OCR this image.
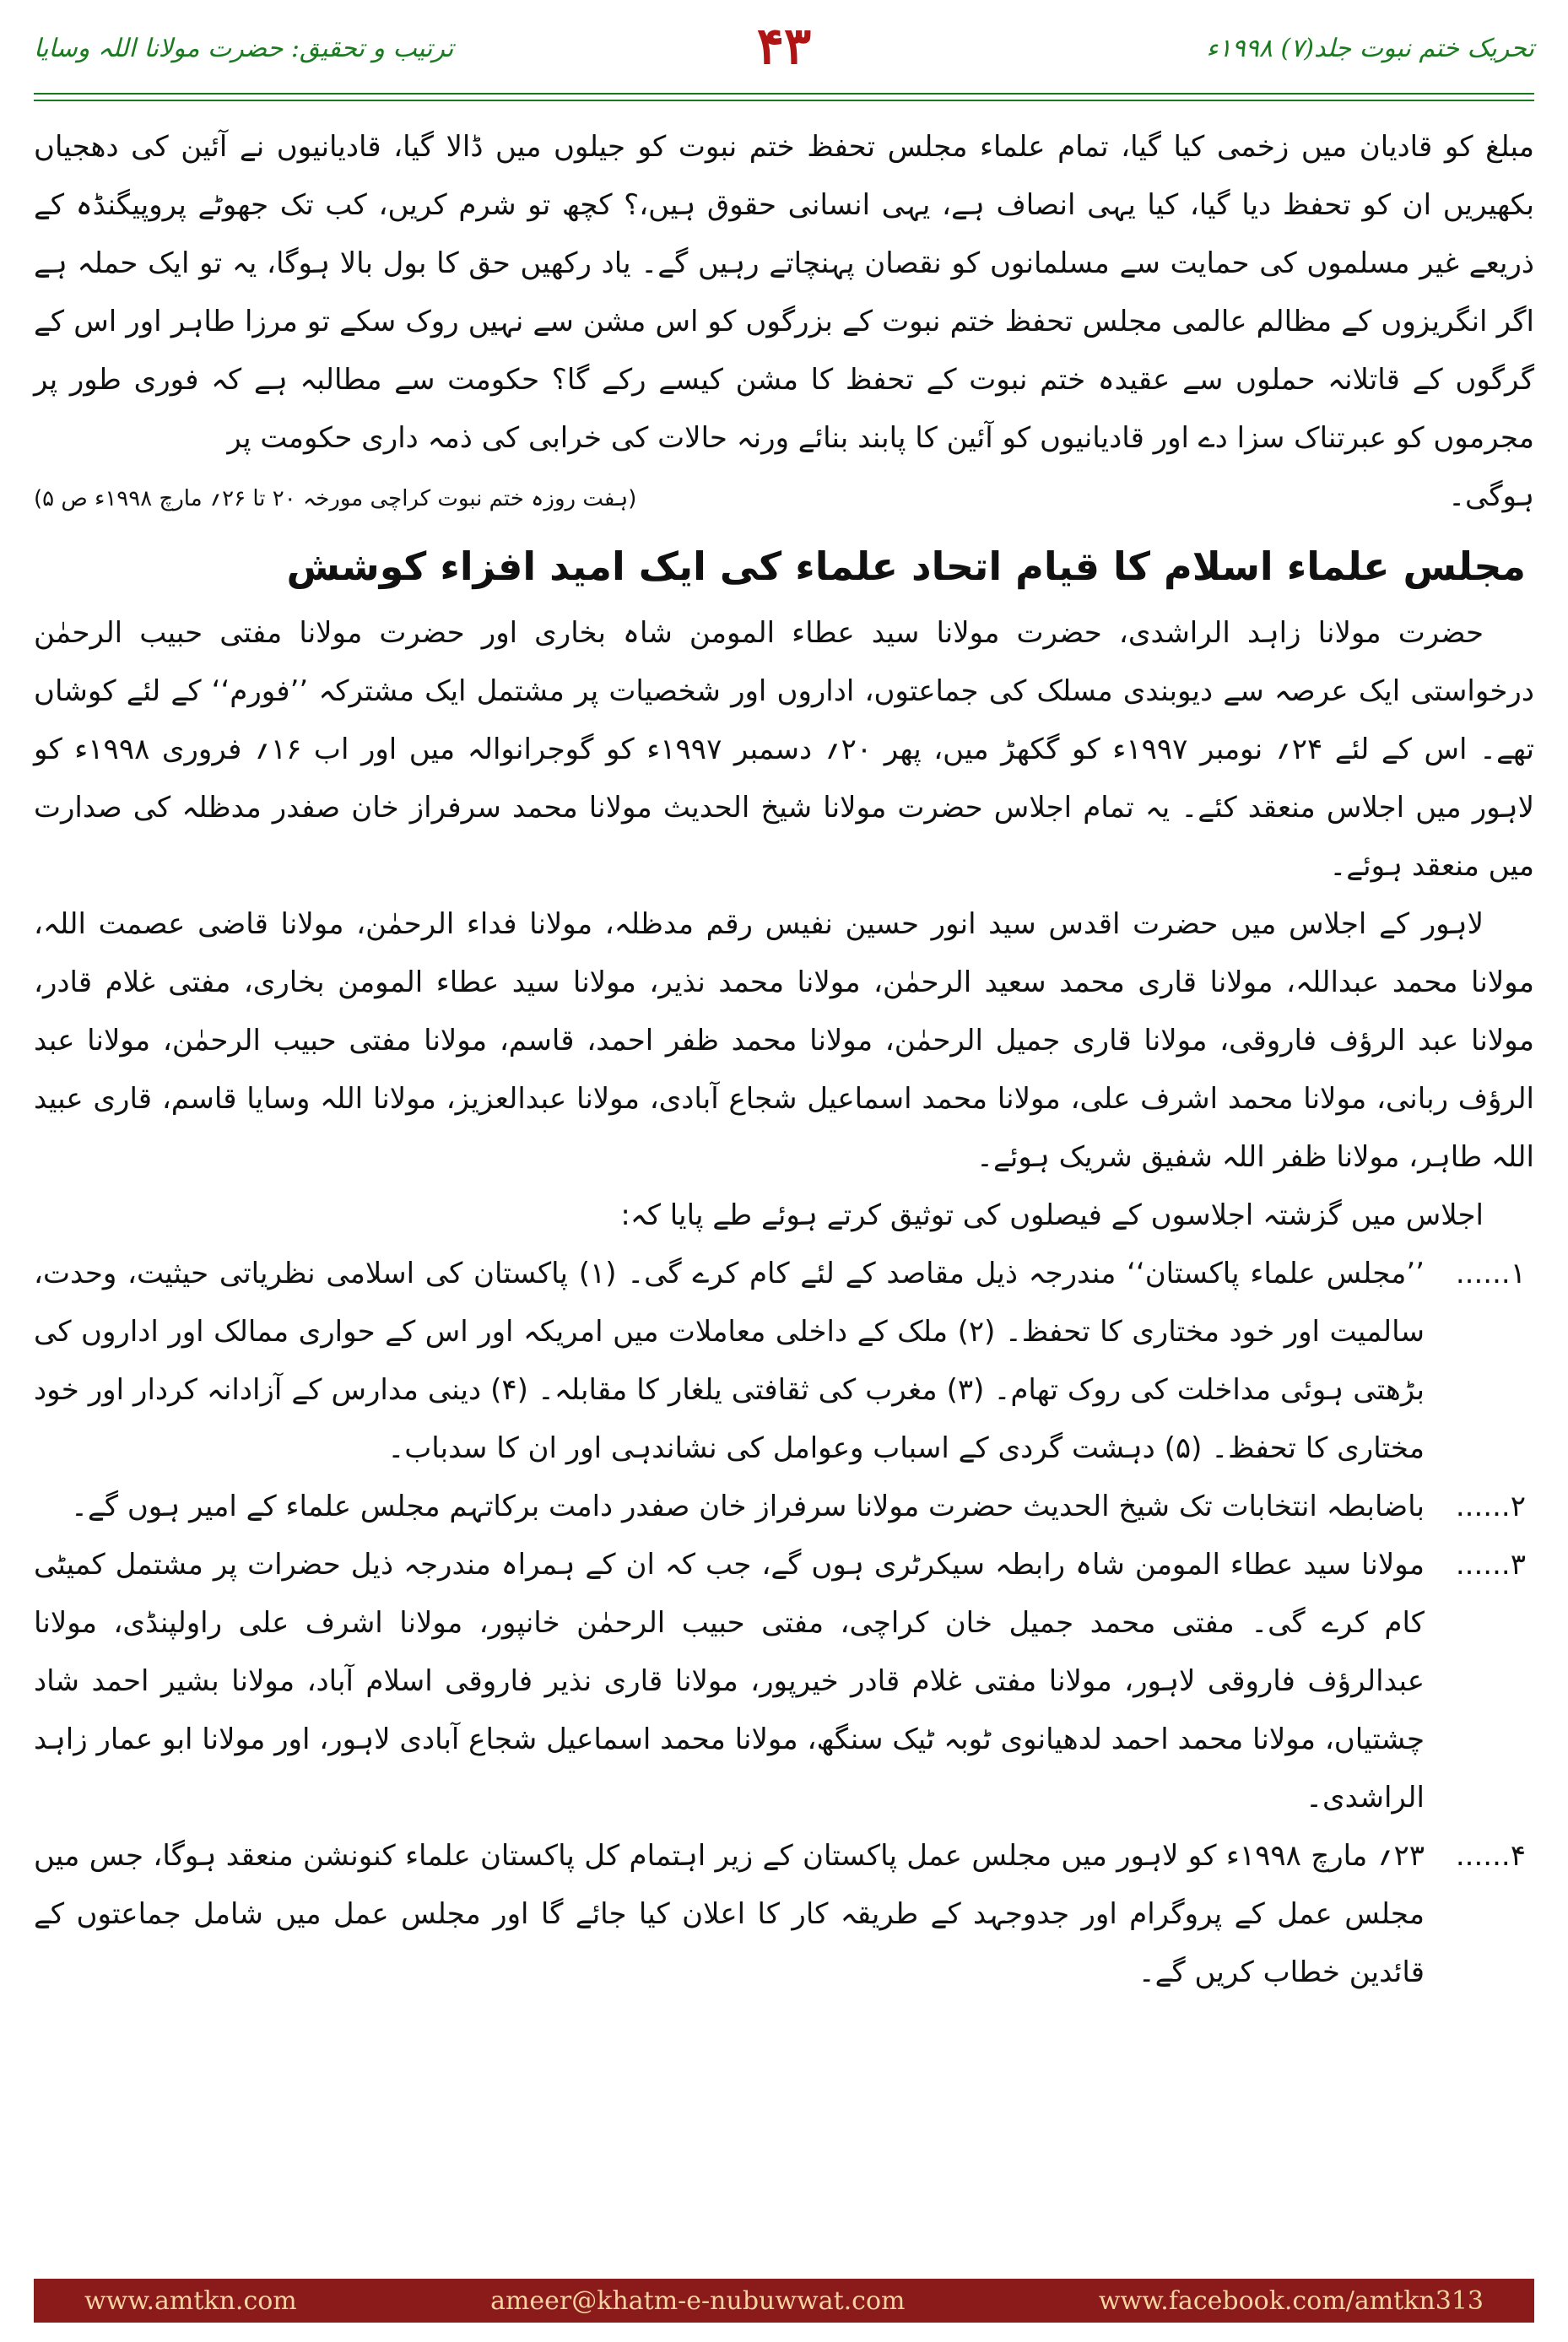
تحریک ختم نبوت جلد(۷) ۱۹۹۸ء
۴۳
ترتیب و تحقیق: حضرت مولانا اللہ وسایا

مبلغ کو قادیان میں زخمی کیا گیا، تمام علماء مجلس تحفظ ختم نبوت کو جیلوں میں ڈالا گیا، قادیانیوں نے آئین کی دھجیاں بکھیریں ان کو تحفظ دیا گیا، کیا یہی انصاف ہے، یہی انسانی حقوق ہیں،؟ کچھ تو شرم کریں، کب تک جھوٹے پروپیگنڈہ کے ذریعے غیر مسلموں کی حمایت سے مسلمانوں کو نقصان پہنچاتے رہیں گے۔ یاد رکھیں حق کا بول بالا ہوگا، یہ تو ایک حملہ ہے اگر انگریزوں کے مظالم عالمی مجلس تحفظ ختم نبوت کے بزرگوں کو اس مشن سے نہیں روک سکے تو مرزا طاہر اور اس کے گرگوں کے قاتلانہ حملوں سے عقیدہ ختم نبوت کے تحفظ کا مشن کیسے رکے گا؟ حکومت سے مطالبہ ہے کہ فوری طور پر مجرموں کو عبرتناک سزا دے اور قادیانیوں کو آئین کا پابند بنائے ورنہ حالات کی خرابی کی ذمہ داری حکومت پر

ہوگی۔
(ہفت روزہ ختم نبوت کراچی مورخہ ۲۰ تا ۲۶؍ مارچ ۱۹۹۸ء ص ۵)
مجلس علماء اسلام کا قیام اتحاد علماء کی ایک امید افزاء کوشش

حضرت مولانا زاہد الراشدی، حضرت مولانا سید عطاء المومن شاہ بخاری اور حضرت مولانا مفتی حبیب الرحمٰن درخواستی ایک عرصہ سے دیوبندی مسلک کی جماعتوں، اداروں اور شخصیات پر مشتمل ایک مشترکہ ’’فورم‘‘ کے لئے کوشاں تھے۔ اس کے لئے ۲۴؍ نومبر ۱۹۹۷ء کو گکھڑ میں، پھر ۲۰؍ دسمبر ۱۹۹۷ء کو گوجرانوالہ میں اور اب ۱۶؍ فروری ۱۹۹۸ء کو لاہور میں اجلاس منعقد کئے۔ یہ تمام اجلاس حضرت مولانا شیخ الحدیث مولانا محمد سرفراز خان صفدر مدظلہ کی صدارت میں منعقد ہوئے۔

لاہور کے اجلاس میں حضرت اقدس سید انور حسین نفیس رقم مدظلہ، مولانا فداء الرحمٰن، مولانا قاضی عصمت اللہ، مولانا محمد عبداللہ، مولانا قاری محمد سعید الرحمٰن، مولانا محمد نذیر، مولانا سید عطاء المومن بخاری، مفتی غلام قادر، مولانا عبد الرؤف فاروقی، مولانا قاری جمیل الرحمٰن، مولانا محمد ظفر احمد، قاسم، مولانا مفتی حبیب الرحمٰن، مولانا عبد الرؤف ربانی، مولانا محمد اشرف علی، مولانا محمد اسماعیل شجاع آبادی، مولانا عبدالعزیز، مولانا اللہ وسایا قاسم، قاری عبید اللہ طاہر، مولانا ظفر اللہ شفیق شریک ہوئے۔

اجلاس میں گزشتہ اجلاسوں کے فیصلوں کی توثیق کرتے ہوئے طے پایا کہ:

۱......
’’مجلس علماء پاکستان‘‘ مندرجہ ذیل مقاصد کے لئے کام کرے گی۔ (۱) پاکستان کی اسلامی نظریاتی حیثیت، وحدت، سالمیت اور خود مختاری کا تحفظ۔ (۲) ملک کے داخلی معاملات میں امریکہ اور اس کے حواری ممالک اور اداروں کی بڑھتی ہوئی مداخلت کی روک تھام۔ (۳) مغرب کی ثقافتی یلغار کا مقابلہ۔ (۴) دینی مدارس کے آزادانہ کردار اور خود مختاری کا تحفظ۔ (۵) دہشت گردی کے اسباب وعوامل کی نشاندہی اور ان کا سدباب۔
۲......
باضابطہ انتخابات تک شیخ الحدیث حضرت مولانا سرفراز خان صفدر دامت برکاتہم مجلس علماء کے امیر ہوں گے۔
۳......
مولانا سید عطاء المومن شاہ رابطہ سیکرٹری ہوں گے، جب کہ ان کے ہمراہ مندرجہ ذیل حضرات پر مشتمل کمیٹی کام کرے گی۔ مفتی محمد جمیل خان کراچی، مفتی حبیب الرحمٰن خانپور، مولانا اشرف علی راولپنڈی، مولانا عبدالرؤف فاروقی لاہور، مولانا مفتی غلام قادر خیرپور، مولانا قاری نذیر فاروقی اسلام آباد، مولانا بشیر احمد شاد چشتیاں، مولانا محمد احمد لدھیانوی ٹوبہ ٹیک سنگھ، مولانا محمد اسماعیل شجاع آبادی لاہور، اور مولانا ابو عمار زاہد الراشدی۔
۴......
۲۳؍ مارچ ۱۹۹۸ء کو لاہور میں مجلس عمل پاکستان کے زیر اہتمام کل پاکستان علماء کنونشن منعقد ہوگا، جس میں مجلس عمل کے پروگرام اور جدوجہد کے طریقہ کار کا اعلان کیا جائے گا اور مجلس عمل میں شامل جماعتوں کے قائدین خطاب کریں گے۔
www.amtkn.com	ameer@khatm-e-nubuwwat.com	www.facebook.com/amtkn313
